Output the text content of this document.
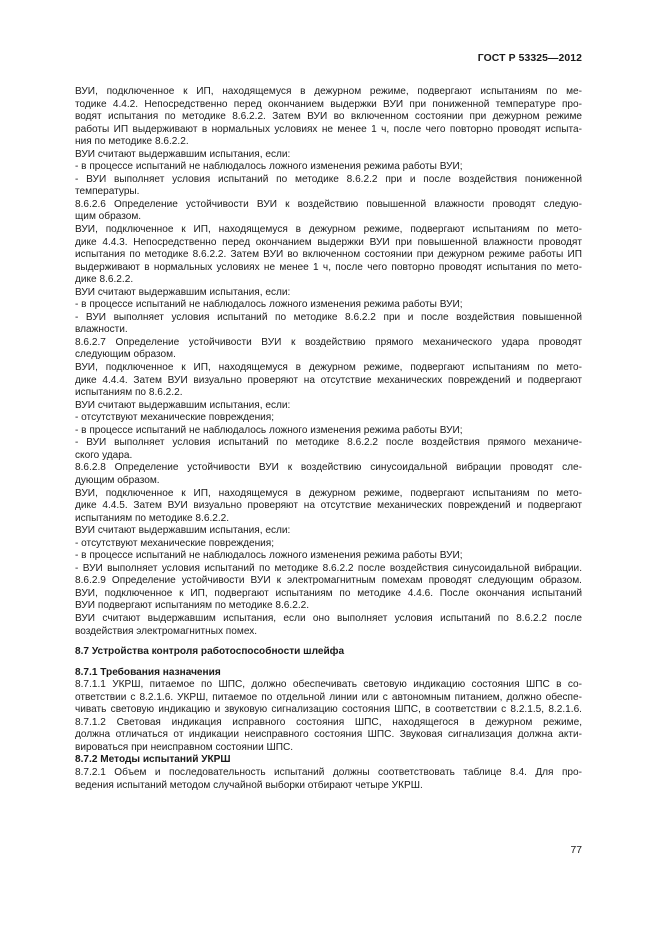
ГОСТ Р 53325—2012
ВУИ, подключенное к ИП, находящемуся в дежурном режиме, подвергают испытаниям по ме-
тодике 4.4.2. Непосредственно перед окончанием выдержки ВУИ при пониженной температуре про-
водят испытания по методике 8.6.2.2. Затем ВУИ во включенном состоянии при дежурном режиме
работы ИП выдерживают в нормальных условиях не менее 1 ч, после чего повторно проводят испыта-
ния по методике 8.6.2.2.
ВУИ считают выдержавшим испытания, если:
- в процессе испытаний не наблюдалось ложного изменения режима работы ВУИ;
- ВУИ выполняет условия испытаний по методике 8.6.2.2 при и после воздействия пониженной
температуры.
8.6.2.6 Определение устойчивости ВУИ к воздействию повышенной влажности проводят следую-
щим образом.
ВУИ, подключенное к ИП, находящемуся в дежурном режиме, подвергают испытаниям по мето-
дике 4.4.3. Непосредственно перед окончанием выдержки ВУИ при повышенной влажности проводят
испытания по методике 8.6.2.2. Затем ВУИ во включенном состоянии при дежурном режиме работы ИП
выдерживают в нормальных условиях не менее 1 ч, после чего повторно проводят испытания по мето-
дике 8.6.2.2.
ВУИ считают выдержавшим испытания, если:
- в процессе испытаний не наблюдалось ложного изменения режима работы ВУИ;
- ВУИ выполняет условия испытаний по методике 8.6.2.2 при и после воздействия повышенной
влажности.
8.6.2.7 Определение устойчивости ВУИ к воздействию прямого механического удара проводят
следующим образом.
ВУИ, подключенное к ИП, находящемуся в дежурном режиме, подвергают испытаниям по мето-
дике 4.4.4. Затем ВУИ визуально проверяют на отсутствие механических повреждений и подвергают
испытаниям по 8.6.2.2.
ВУИ считают выдержавшим испытания, если:
- отсутствуют механические повреждения;
- в процессе испытаний не наблюдалось ложного изменения режима работы ВУИ;
- ВУИ выполняет условия испытаний по методике 8.6.2.2 после воздействия прямого механиче-
ского удара.
8.6.2.8 Определение устойчивости ВУИ к воздействию синусоидальной вибрации проводят сле-
дующим образом.
ВУИ, подключенное к ИП, находящемуся в дежурном режиме, подвергают испытаниям по мето-
дике 4.4.5. Затем ВУИ визуально проверяют на отсутствие механических повреждений и подвергают
испытаниям по методике 8.6.2.2.
ВУИ считают выдержавшим испытания, если:
- отсутствуют механические повреждения;
- в процессе испытаний не наблюдалось ложного изменения режима работы ВУИ;
- ВУИ выполняет условия испытаний по методике 8.6.2.2 после воздействия синусоидальной вибрации.
8.6.2.9 Определение устойчивости ВУИ к электромагнитным помехам проводят следующим образом.
ВУИ, подключенное к ИП, подвергают испытаниям по методике 4.4.6. После окончания испытаний
ВУИ подвергают испытаниям по методике 8.6.2.2.
ВУИ считают выдержавшим испытания, если оно выполняет условия испытаний по 8.6.2.2 после
воздействия электромагнитных помех.
8.7 Устройства контроля работоспособности шлейфа
8.7.1 Требования назначения
8.7.1.1 УКРШ, питаемое по ШПС, должно обеспечивать световую индикацию состояния ШПС в со-
ответствии с 8.2.1.6. УКРШ, питаемое по отдельной линии или с автономным питанием, должно обеспе-
чивать световую индикацию и звуковую сигнализацию состояния ШПС, в соответствии с 8.2.1.5, 8.2.1.6.
8.7.1.2 Световая индикация исправного состояния ШПС, находящегося в дежурном режиме,
должна отличаться от индикации неисправного состояния ШПС. Звуковая сигнализация должна акти-
вироваться при неисправном состоянии ШПС.
8.7.2 Методы испытаний УКРШ
8.7.2.1 Объем и последовательность испытаний должны соответствовать таблице 8.4. Для про-
ведения испытаний методом случайной выборки отбирают четыре УКРШ.
77
